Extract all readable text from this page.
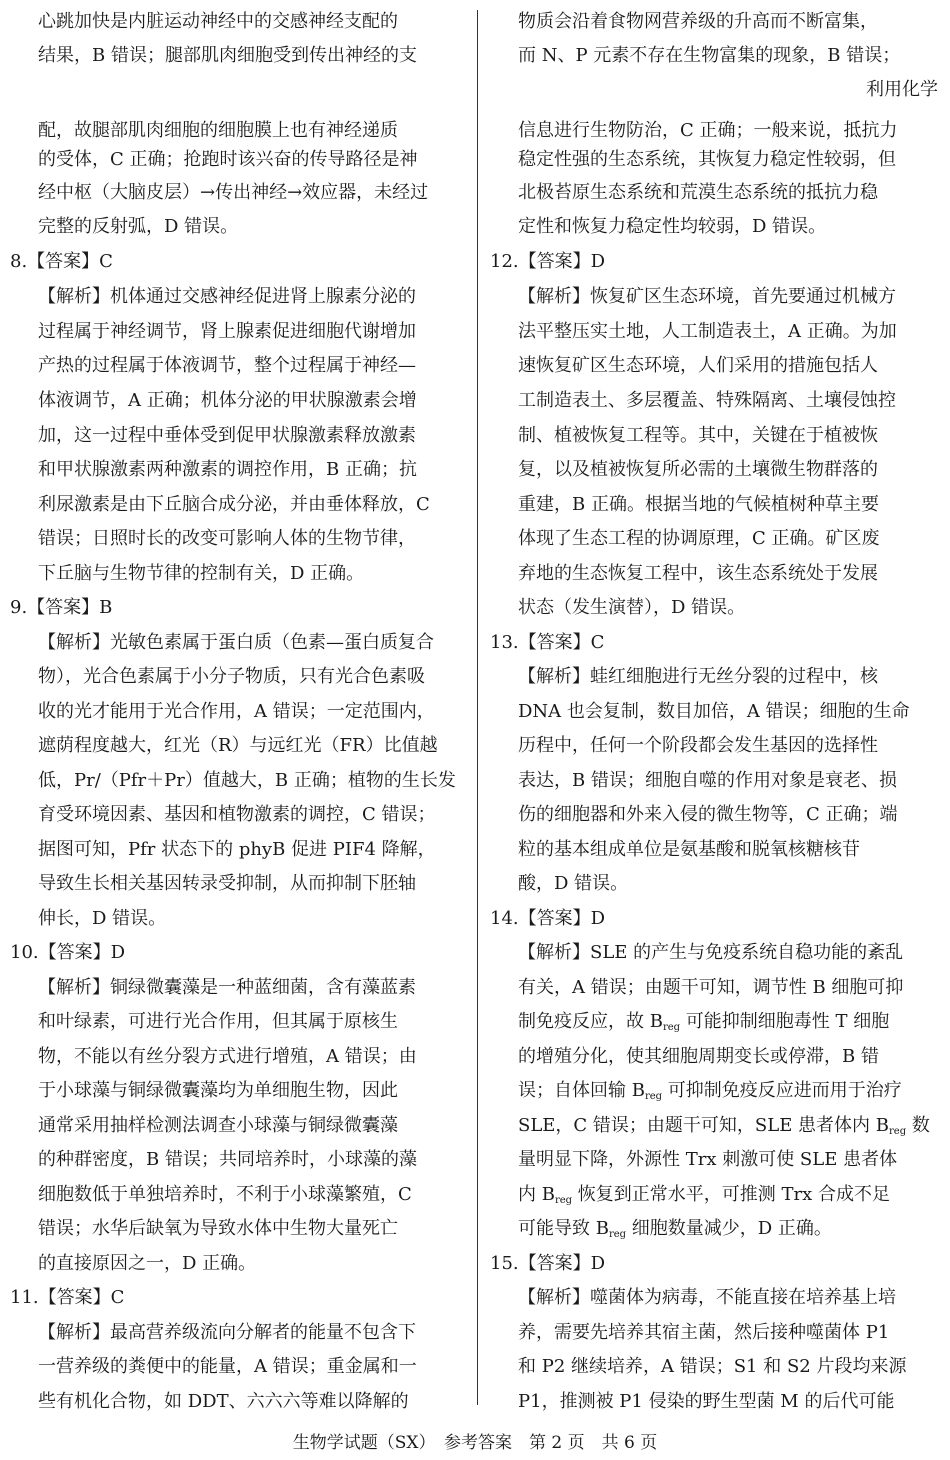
心跳加快是内脏运动神经中的交感神经支配的
结果，B 错误；腿部肌肉细胞受到传出神经的支
配，故腿部肌肉细胞的细胞膜上也有神经递质
的受体，C 正确；抢跑时该兴奋的传导路径是神
经中枢（大脑皮层）→传出神经→效应器，未经过
完整的反射弧，D 错误。
8.【答案】C
【解析】机体通过交感神经促进肾上腺素分泌的
过程属于神经调节，肾上腺素促进细胞代谢增加
产热的过程属于体液调节，整个过程属于神经—
体液调节，A 正确；机体分泌的甲状腺激素会增
加，这一过程中垂体受到促甲状腺激素释放激素
和甲状腺激素两种激素的调控作用，B 正确；抗
利尿激素是由下丘脑合成分泌，并由垂体释放，C
错误；日照时长的改变可影响人体的生物节律，
下丘脑与生物节律的控制有关，D 正确。
9.【答案】B
【解析】光敏色素属于蛋白质（色素—蛋白质复合
物），光合色素属于小分子物质，只有光合色素吸
收的光才能用于光合作用，A 错误；一定范围内，
遮荫程度越大，红光（R）与远红光（FR）比值越
低，Pr/（Pfr＋Pr）值越大，B 正确；植物的生长发
育受环境因素、基因和植物激素的调控，C 错误；
据图可知，Pfr 状态下的 phyB 促进 PIF4 降解，
导致生长相关基因转录受抑制，从而抑制下胚轴
伸长，D 错误。
10.【答案】D
【解析】铜绿微囊藻是一种蓝细菌，含有藻蓝素
和叶绿素，可进行光合作用，但其属于原核生
物，不能以有丝分裂方式进行增殖，A 错误；由
于小球藻与铜绿微囊藻均为单细胞生物，因此
通常采用抽样检测法调查小球藻与铜绿微囊藻
的种群密度，B 错误；共同培养时，小球藻的藻
细胞数低于单独培养时，不利于小球藻繁殖，C
错误；水华后缺氧为导致水体中生物大量死亡
的直接原因之一，D 正确。
11.【答案】C
【解析】最高营养级流向分解者的能量不包含下
一营养级的粪便中的能量，A 错误；重金属和一
些有机化合物，如 DDT、六六六等难以降解的
物质会沿着食物网营养级的升高而不断富集，
而 N、P 元素不存在生物富集的现象，B 错误；
利用化学
信息进行生物防治，C 正确；一般来说，抵抗力
稳定性强的生态系统，其恢复力稳定性较弱，但
北极苔原生态系统和荒漠生态系统的抵抗力稳
定性和恢复力稳定性均较弱，D 错误。
12.【答案】D
【解析】恢复矿区生态环境，首先要通过机械方
法平整压实土地，人工制造表土，A 正确。为加
速恢复矿区生态环境，人们采用的措施包括人
工制造表土、多层覆盖、特殊隔离、土壤侵蚀控
制、植被恢复工程等。其中，关键在于植被恢
复，以及植被恢复所必需的土壤微生物群落的
重建，B 正确。根据当地的气候植树种草主要
体现了生态工程的协调原理，C 正确。矿区废
弃地的生态恢复工程中，该生态系统处于发展
状态（发生演替），D 错误。
13.【答案】C
【解析】蛙红细胞进行无丝分裂的过程中，核
DNA 也会复制，数目加倍，A 错误；细胞的生命
历程中，任何一个阶段都会发生基因的选择性
表达，B 错误；细胞自噬的作用对象是衰老、损
伤的细胞器和外来入侵的微生物等，C 正确；端
粒的基本组成单位是氨基酸和脱氧核糖核苷
酸，D 错误。
14.【答案】D
【解析】SLE 的产生与免疫系统自稳功能的紊乱
有关，A 错误；由题干可知，调节性 B 细胞可抑
制免疫反应，故 $B_{reg}$ 可能抑制细胞毒性 T 细胞
的增殖分化，使其细胞周期变长或停滞，B 错
误；自体回输 $B_{reg}$ 可抑制免疫反应进而用于治疗
SLE，C 错误；由题干可知，SLE 患者体内 $B_{reg}$ 数
量明显下降，外源性 Trx 刺激可使 SLE 患者体
内 $B_{reg}$ 恢复到正常水平，可推测 Trx 合成不足
可能导致 $B_{reg}$ 细胞数量减少，D 正确。
15.【答案】D
【解析】噬菌体为病毒，不能直接在培养基上培
养，需要先培养其宿主菌，然后接种噬菌体 P1
和 P2 继续培养，A 错误；S1 和 S2 片段均来源
P1，推测被 P1 侵染的野生型菌 M 的后代可能
生物学试题（SX）　参考答案　第 2 页　共 6 页
